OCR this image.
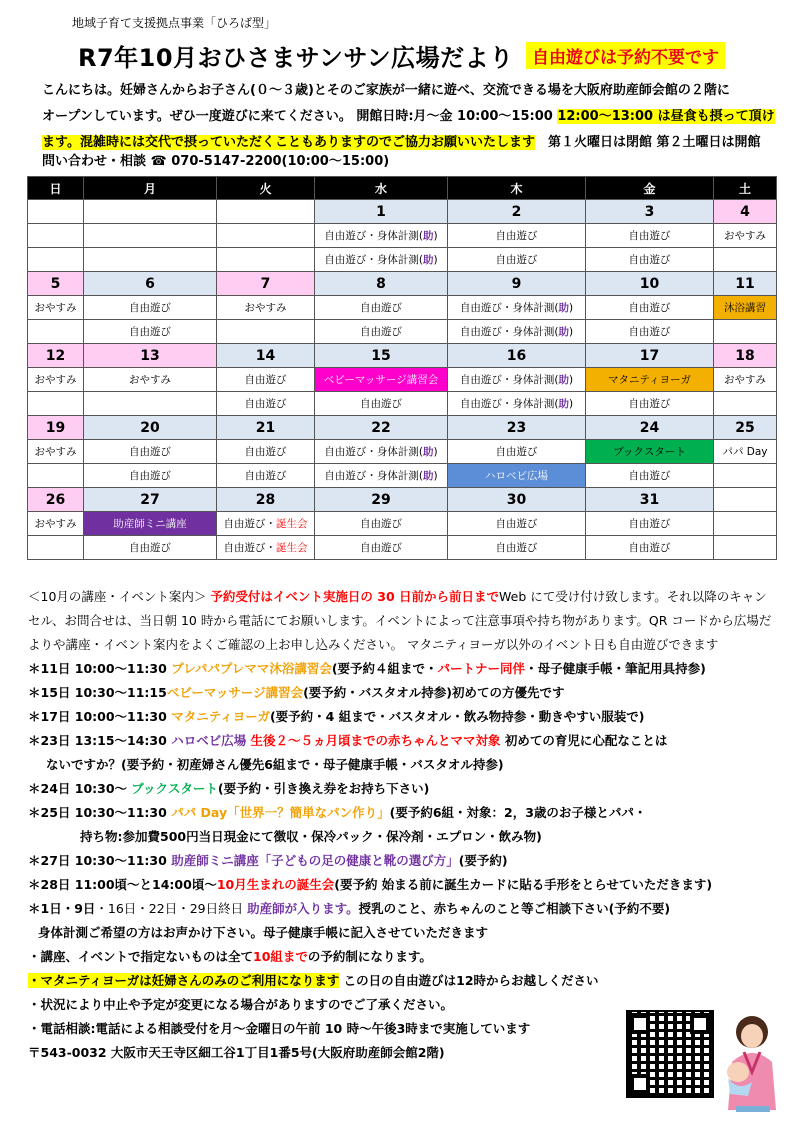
地域子育て支援拠点事業「ひろば型」
R7年10月おひさまサンサン広場だより	自由遊びは予約不要です
こんにちは。妊婦さんからお子さん(０～３歳)とそのご家族が一緒に遊べ、交流できる場を大阪府助産師会館の２階に
オープンしています。ぜひ一度遊びに来てください。 開館日時:月～金 10:00～15:00 12:00～13:00 は昼食も摂って頂け
ます。混雑時には交代で摂っていただくこともありますのでご協力お願いいたします　 第１火曜日は閉館 第２土曜日は開館
問い合わせ・相談 ☎ 070-5147-2200(10:00～15:00)
日	月	火	水	木	金	土
			1	2	3	4
			自由遊び・身体計測(助)	自由遊び	自由遊び	おやすみ
			自由遊び・身体計測(助)	自由遊び	自由遊び	
5	6	7	8	9	10	11
おやすみ	自由遊び	おやすみ	自由遊び	自由遊び・身体計測(助)	自由遊び	沐浴講習
	自由遊び		自由遊び	自由遊び・身体計測(助)	自由遊び	
12	13	14	15	16	17	18
おやすみ	おやすみ	自由遊び	ベビーマッサージ講習会	自由遊び・身体計測(助)	マタニティヨーガ	おやすみ
		自由遊び	自由遊び	自由遊び・身体計測(助)	自由遊び	
19	20	21	22	23	24	25
おやすみ	自由遊び	自由遊び	自由遊び・身体計測(助)	自由遊び	ブックスタート	パパ Day
	自由遊び	自由遊び	自由遊び・身体計測(助)	ハロベビ広場	自由遊び	
26	27	28	29	30	31	
おやすみ	助産師ミニ講座	自由遊び・誕生会	自由遊び	自由遊び	自由遊び	
	自由遊び	自由遊び・誕生会	自由遊び	自由遊び	自由遊び	
＜10月の講座・イベント案内＞ 予約受付はイベント実施日の 30 日前から前日までWeb にて受け付け致します。それ以降のキャン
セル、お問合せは、当日朝 10 時から電話にてお願いします。イベントによって注意事項や持ち物があります。QR コードから広場だ
よりや講座・イベント案内をよくご確認の上お申し込みください。 マタニティヨーガ以外のイベント日も自由遊びできます
＊11日 10:00～11:30 プレパパプレママ沐浴講習会(要予約４組まで・パートナー同伴・母子健康手帳・筆記用具持参)
＊15日 10:30～11:15ベビーマッサージ講習会(要予約・バスタオル持参)初めての方優先です
＊17日 10:00～11:30 マタニティヨーガ(要予約・4 組まで・バスタオル・飲み物持参・動きやすい服装で)
＊23日 13:15～14:30 ハロベビ広場 生後２～５ヵ月頃までの赤ちゃんとママ対象 初めての育児に心配なことは
ないですか？(要予約・初産婦さん優先6組まで・母子健康手帳・バスタオル持参)
＊24日 10:30～ ブックスタート(要予約・引き換え券をお持ち下さい)
＊25日 10:30～11:30 パパ Day「世界一？簡単なパン作り」(要予約6組・対象：2，3歳のお子様とパパ・
持ち物:参加費500円当日現金にて徴収・保冷パック・保冷剤・エプロン・飲み物)
＊27日 10:30～11:30 助産師ミニ講座「子どもの足の健康と靴の選び方」(要予約)
＊28日 11:00頃～と14:00頃～10月生まれの誕生会(要予約 始まる前に誕生カードに貼る手形をとらせていただきます)
＊1日・9日・16日・22日・29日終日 助産師が入ります。授乳のこと、赤ちゃんのこと等ご相談下さい(予約不要)
身体計測ご希望の方はお声かけ下さい。母子健康手帳に記入させていただきます
・講座、イベントで指定ないものは全て10組までの予約制になります。
・マタニティヨーガは妊婦さんのみのご利用になります この日の自由遊びは12時からお越しください
・状況により中止や予定が変更になる場合がありますのでご了承ください。
・電話相談:電話による相談受付を月～金曜日の午前 10 時～午後3時まで実施しています
〒543-0032 大阪市天王寺区細工谷1丁目1番5号(大阪府助産師会館2階)
